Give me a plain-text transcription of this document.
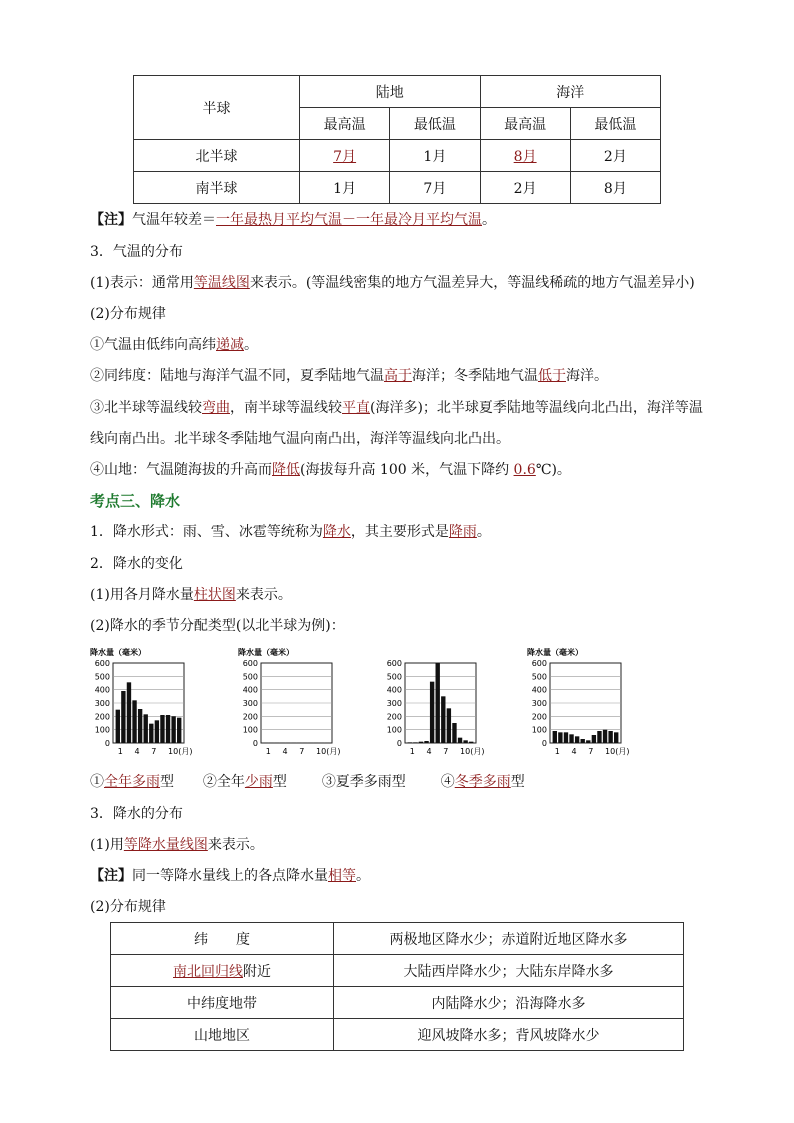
半球	陆地		海洋	
	最高温	最低温	最高温	最低温
北半球	7月	1月	8月	2月
南半球	1月	7月	2月	8月
【注】气温年较差＝一年最热月平均气温－一年最冷月平均气温。
3．气温的分布
(1)表示：通常用等温线图来表示。(等温线密集的地方气温差异大，等温线稀疏的地方气温差异小)
(2)分布规律
①气温由低纬向高纬递减。
②同纬度：陆地与海洋气温不同，夏季陆地气温高于海洋；冬季陆地气温低于海洋。
③北半球等温线较弯曲，南半球等温线较平直(海洋多)；北半球夏季陆地等温线向北凸出，海洋等温
线向南凸出。北半球冬季陆地气温向南凸出，海洋等温线向北凸出。
④山地：气温随海拔的升高而降低(海拔每升高 100 米，气温下降约 0.6℃)。
考点三、降水
1．降水形式：雨、雪、冰雹等统称为降水，其主要形式是降雨。
2．降水的变化
(1)用各月降水量柱状图来表示。
(2)降水的季节分配类型(以北半球为例)：
降水量（毫米）
600
500
400
300
200
100
0
1 4 7 10(月)
降水量（毫米）
600
500
400
300
200
100
0
1 4 7 10(月)
600
500
400
300
200
100
0
1 4 7 10(月)
降水量（毫米）
600
500
400
300
200
100
0
1 4 7 10(月)
①全年多雨型 ②全年少雨型 ③夏季多雨型 ④冬季多雨型
3．降水的分布
(1)用等降水量线图来表示。
【注】同一等降水量线上的各点降水量相等。
(2)分布规律
纬　　度	两极地区降水少；赤道附近地区降水多
南北回归线附近	大陆西岸降水少；大陆东岸降水多
中纬度地带	内陆降水少；沿海降水多
山地地区	迎风坡降水多；背风坡降水少
